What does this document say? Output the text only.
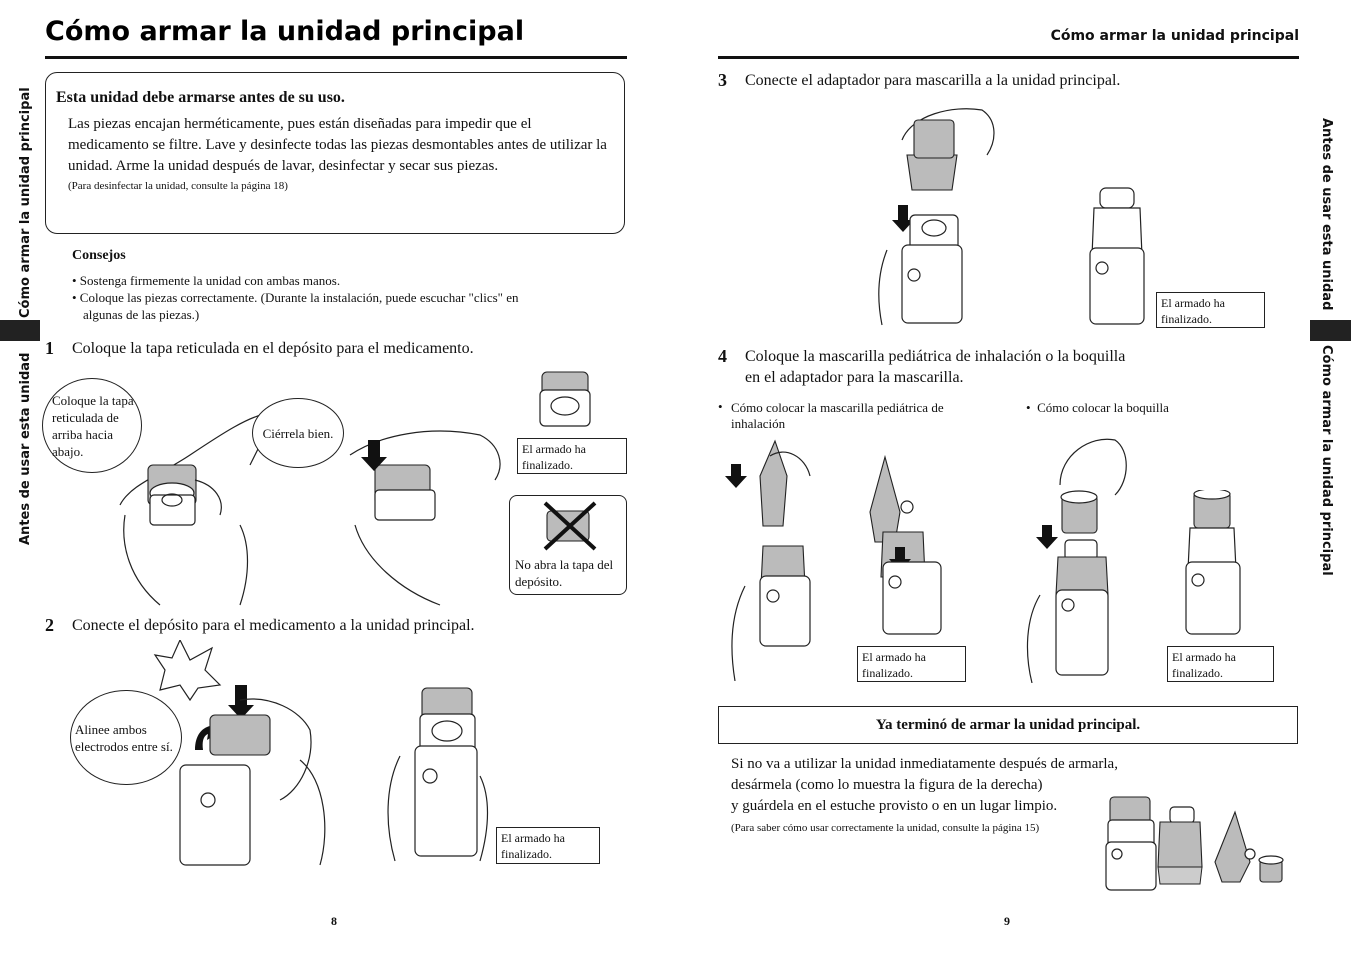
Cómo armar la unidad principal
Cómo armar la unidad principal
Antes de usar esta unidad
Esta unidad debe armarse antes de su uso.
Las piezas encajan herméticamente, pues están diseñadas para impedir que el medicamento se filtre. Lave y desinfecte todas las piezas desmontables antes de utilizar la unidad. Arme la unidad después de lavar, desinfectar y secar sus piezas.
(Para desinfectar la unidad, consulte la página 18)
Consejos
• Sostenga firmemente la unidad con ambas manos.
• Coloque las piezas correctamente. (Durante la instalación, puede escuchar "clics" en algunas de las piezas.)
1 Coloque la tapa reticulada en el depósito para el medicamento.
Coloque la tapa reticulada de arriba hacia abajo.
Ciérrela bien.
El armado ha finalizado.
No abra la tapa del depósito.
2 Conecte el depósito para el medicamento a la unidad principal.
Alinee ambos electrodos entre sí.
El armado ha finalizado.
8
Cómo armar la unidad principal
Antes de usar esta unidad
Cómo armar la unidad principal
3 Conecte el adaptador para mascarilla a la unidad principal.
El armado ha finalizado.
4 Coloque la mascarilla pediátrica de inhalación o la boquilla
en el adaptador para la mascarilla.
• Cómo colocar la mascarilla pediátrica de inhalación
•  Cómo colocar la boquilla
El armado ha finalizado.
El armado ha finalizado.
Ya terminó de armar la unidad principal.
Si no va a utilizar la unidad inmediatamente después de armarla,
desármela (como lo muestra la figura de la derecha)
y guárdela en el estuche provisto o en un lugar limpio.
(Para saber cómo usar correctamente la unidad, consulte la página 15)
9
